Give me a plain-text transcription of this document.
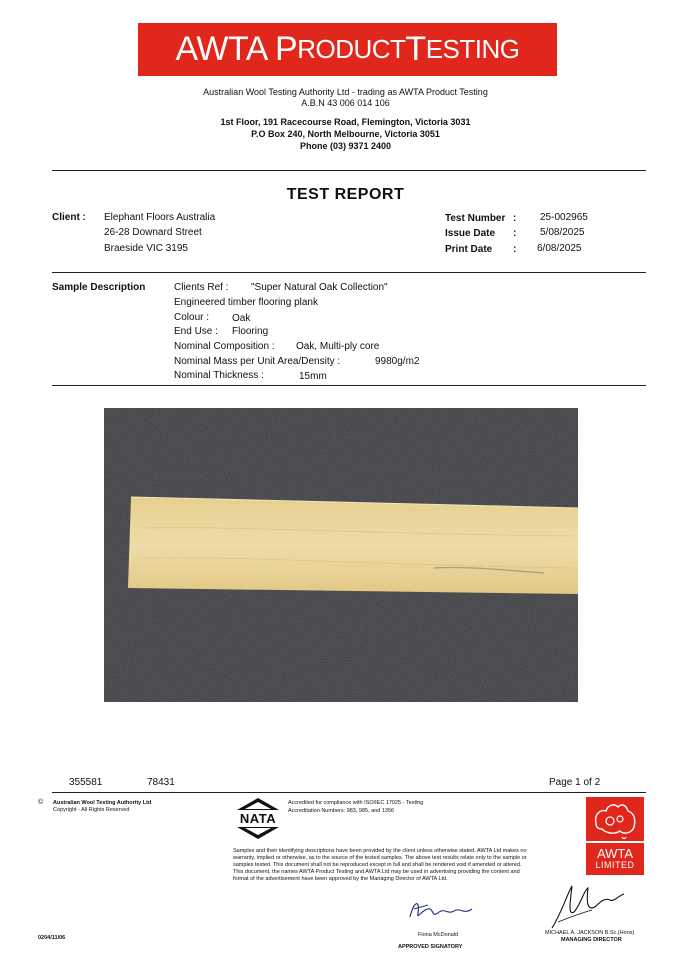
AWTA P RODUCT T ESTING
Australian Wool Testing Authority Ltd - trading as AWTA Product Testing
A.B.N 43 006 014 106
1st Floor, 191 Racecourse Road, Flemington, Victoria 3031
P.O Box 240, North Melbourne, Victoria 3051
Phone (03) 9371 2400
TEST REPORT
Client : Elephant Floors Australia
26-28 Downard Street
Braeside VIC 3195
Test Number : 25-002965
Issue Date : 5/08/2025
Print Date : 6/08/2025
Sample Description	Clients Ref : "Super Natural Oak Collection"
Engineered timber flooring plank
Colour : Oak
End Use : Flooring
Nominal Composition : Oak, Multi-ply core
Nominal Mass per Unit Area/Density :	9980g/m2
Nominal Thickness :	15mm
355581	78431	Page 1 of 2
© Australian Wool Testing Authority Ltd
Copyright - All Rights Reserved
NATA
Accredited for compliance with ISO/IEC 17025 - Testing
Accreditation Numbers: 983, 985, and 1356
Samples and their identifying descriptions have been provided by the client unless otherwise stated. AWTA Ltd makes no warranty, implied or otherwise, as to the source of the tested samples. The above test results relate only to the sample or samples tested. This document shall not be reproduced except in full and shall be rendered void if amended or altered. This document, the names AWTA Product Testing and AWTA Ltd may be used in advertising providing the content and format of the advertisement have been approved by the Managing Director of AWTA Ltd.
Fiona McDonald
APPROVED SIGNATORY
MICHAEL A. JACKSON B.Sc.(Hons)
MANAGING DIRECTOR
AWTA
LIMITED
0204/11/06
